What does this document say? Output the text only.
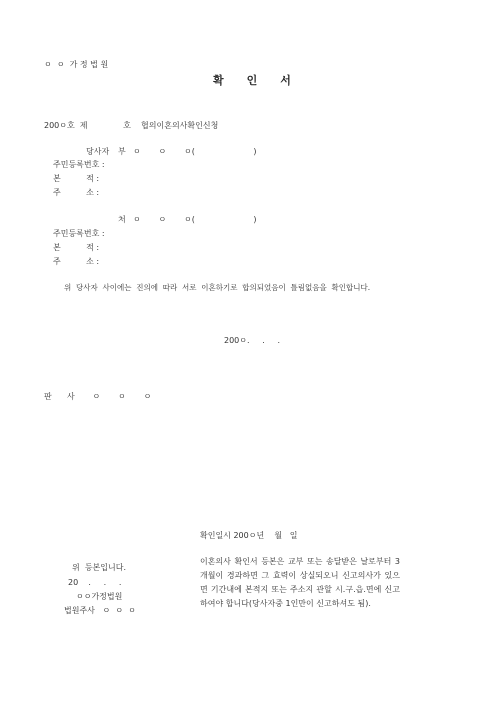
ㅇ  ㅇ  가 정 법 원
확      인      서
200ㅇ호  제              호    협의이혼의사확인신청
당사자 부 ㅇ       ㅇ       ㅇ(                       )
주민등록번호 :
본          적 :
주          소 :
처 ㅇ       ㅇ       ㅇ(                       )
주민등록번호 :
본          적 :
주          소 :
위  당사자  사이에는  진의에  따라  서로  이혼하기로  합의되었음이  틀림없음을  확인합니다.
200ㅇ.     .     .
판      사       ㅇ       ㅇ       ㅇ
확인일시 200ㅇ년    월   일
이혼의사 확인서 등본은 교부 또는 송달받은 날로부터 3개월이 경과하면 그 효력이 상실되오니 신고의사가 있으면 기간내에 본적지 또는 주소지 관할 시.구.읍.면에 신고하여야 합니다(당사자중 1인만이 신고하셔도 됨).
위  등본입니다.
20    .     .     .
ㅇㅇ가정법원
법원주사   ㅇ  ㅇ  ㅇ
